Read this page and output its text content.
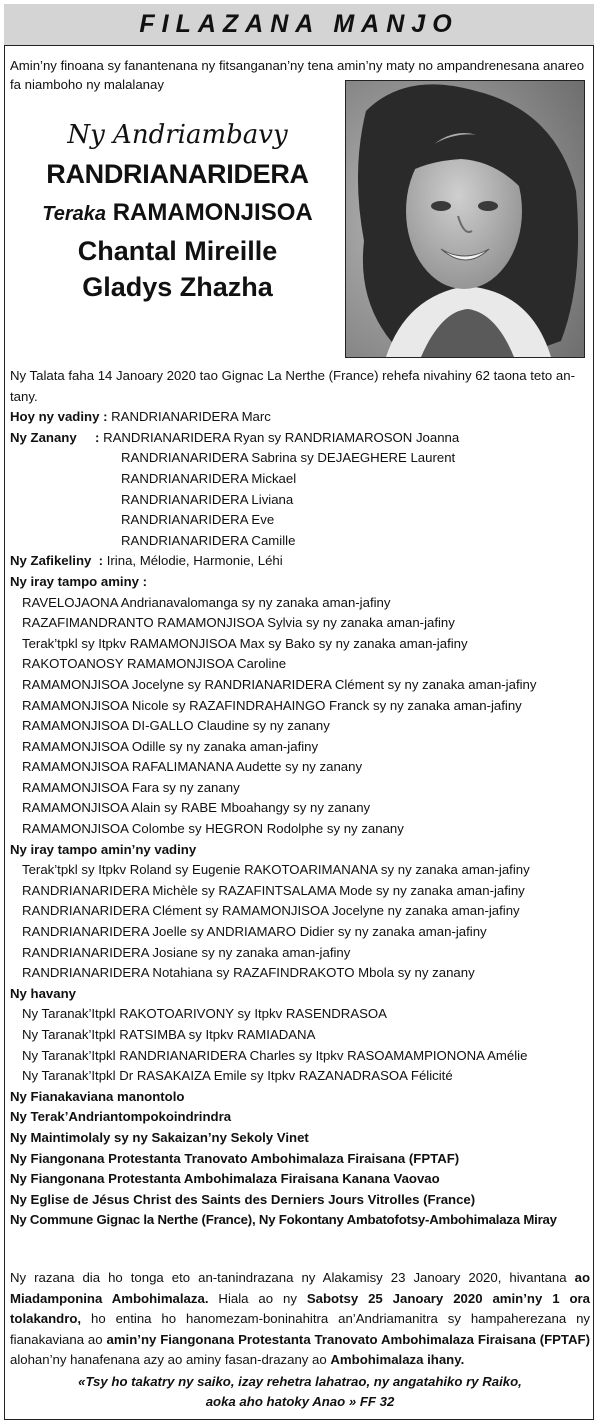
FILAZANA MANJO
Amin’ny finoana sy fanantenana ny fitsanganan’ny tena amin’ny maty no ampandrenesana anareo fa niamboho ny malalanay
Ny Andriambavy
RANDRIANARIDERA
Teraka RAMAMONJISOA
Chantal Mireille
Gladys Zhazha

Ny Talata faha 14 Janoary 2020 tao Gignac La Nerthe (France) rehefa nivahiny 62 taona teto an-tany.

Hoy ny vadiny : RANDRIANARIDERA Marc
Ny Zanany     : RANDRIANARIDERA Ryan sy RANDRIAMAROSON Joanna
RANDRIANARIDERA Sabrina sy DEJAEGHERE Laurent
RANDRIANARIDERA Mickael
RANDRIANARIDERA Liviana
RANDRIANARIDERA Eve
RANDRIANARIDERA Camille
Ny Zafikeliny  : Irina, Mélodie, Harmonie, Léhi
Ny iray tampo aminy :
RAVELOJAONA Andrianavalomanga sy ny zanaka aman-jafiny
RAZAFIMANDRANTO RAMAMONJISOA Sylvia sy ny zanaka aman-jafiny
Terak’tpkl sy Itpkv RAMAMONJISOA Max sy Bako sy ny zanaka aman-jafiny
RAKOTOANOSY RAMAMONJISOA Caroline
RAMAMONJISOA Jocelyne sy RANDRIANARIDERA Clément sy ny zanaka aman-jafiny
RAMAMONJISOA Nicole sy RAZAFINDRAHAINGO Franck sy ny zanaka aman-jafiny
RAMAMONJISOA DI-GALLO Claudine sy ny zanany
RAMAMONJISOA Odille sy ny zanaka aman-jafiny
RAMAMONJISOA RAFALIMANANA Audette sy ny zanany
RAMAMONJISOA Fara sy ny zanany
RAMAMONJISOA Alain sy RABE Mboahangy sy ny zanany
RAMAMONJISOA Colombe sy HEGRON Rodolphe sy ny zanany
Ny iray tampo amin’ny vadiny
Terak’tpkl sy Itpkv Roland sy Eugenie RAKOTOARIMANANA sy ny zanaka aman-jafiny
RANDRIANARIDERA Michèle sy RAZAFINTSALAMA Mode sy ny zanaka aman-jafiny
RANDRIANARIDERA Clément sy RAMAMONJISOA Jocelyne ny zanaka aman-jafiny
RANDRIANARIDERA Joelle sy ANDRIAMARO Didier sy ny zanaka aman-jafiny
RANDRIANARIDERA Josiane sy ny zanaka aman-jafiny
RANDRIANARIDERA Notahiana sy RAZAFINDRAKOTO Mbola sy ny zanany
Ny havany
Ny Taranak’Itpkl RAKOTOARIVONY sy Itpkv RASENDRASOA
Ny Taranak’Itpkl RATSIMBA sy Itpkv RAMIADANA
Ny Taranak’Itpkl RANDRIANARIDERA Charles sy Itpkv RASOAMAMPIONONA Amélie
Ny Taranak’Itpkl Dr RASAKAIZA Emile sy Itpkv RAZANADRASOA Félicité
Ny Fianakaviana manontolo
Ny Terak’Andriantompokoindrindra
Ny Maintimolaly sy ny Sakaizan’ny Sekoly Vinet
Ny Fiangonana Protestanta Tranovato Ambohimalaza Firaisana (FPTAF)
Ny Fiangonana Protestanta Ambohimalaza Firaisana Kanana Vaovao
Ny Eglise de Jésus Christ des Saints des Derniers Jours Vitrolles (France)
Ny Commune Gignac la Nerthe (France), Ny Fokontany Ambatofotsy-Ambohimalaza Miray
Ny razana dia ho tonga eto an-tanindrazana ny Alakamisy 23 Janoary 2020, hivantana ao Miadamponina Ambohimalaza. Hiala ao ny Sabotsy 25 Janoary 2020 amin’ny 1 ora tolakandro, ho entina ho hanomezam-boninahitra an’Andriamanitra sy hampaherezana ny fianakaviana ao amin’ny Fiangonana Protestanta Tranovato Ambohimalaza Firaisana (FPTAF) alohan’ny hanafenana azy ao aminy fasan-drazany ao Ambohimalaza ihany.
«Tsy ho takatry ny saiko, izay rehetra lahatrao, ny angatahiko ry Raiko,
aoka aho hatoky Anao » FF 32
